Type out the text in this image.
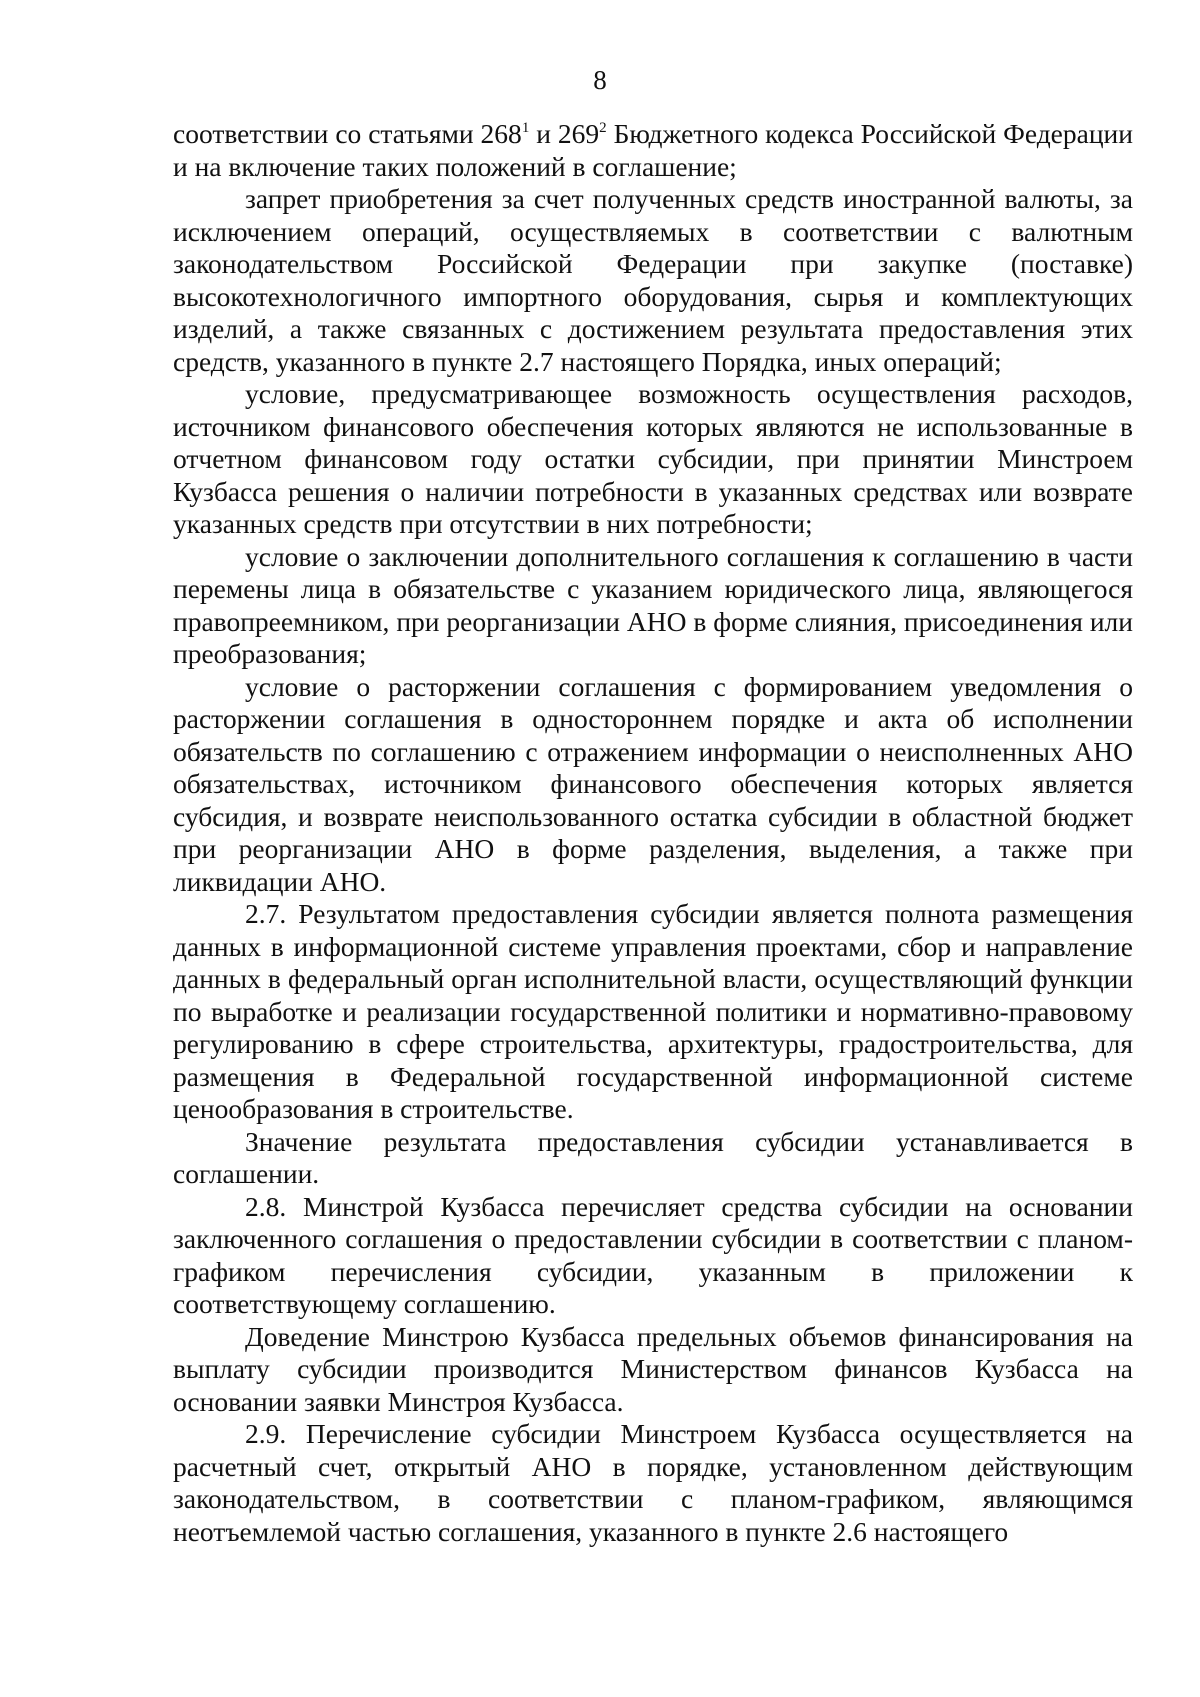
8

соответствии со статьями $268^1$ и $269^2$ Бюджетного кодекса Российской Федерации и на включение таких положений в соглашение;

запрет приобретения за счет полученных средств иностранной валюты, за исключением операций, осуществляемых в соответствии с валютным законодательством Российской Федерации при закупке (поставке) высокотехнологичного импортного оборудования, сырья и комплектующих изделий, а также связанных с достижением результата предоставления этих средств, указанного в пункте 2.7 настоящего Порядка, иных операций;

условие, предусматривающее возможность осуществления расходов, источником финансового обеспечения которых являются не использованные в отчетном финансовом году остатки субсидии, при принятии Минстроем Кузбасса решения о наличии потребности в указанных средствах или возврате указанных средств при отсутствии в них потребности;

условие о заключении дополнительного соглашения к соглашению в части перемены лица в обязательстве с указанием юридического лица, являющегося правопреемником, при реорганизации АНО в форме слияния, присоединения или преобразования;

условие о расторжении соглашения с формированием уведомления о расторжении соглашения в одностороннем порядке и акта об исполнении обязательств по соглашению с отражением информации о неисполненных АНО обязательствах, источником финансового обеспечения которых является субсидия, и возврате неиспользованного остатка субсидии в областной бюджет при реорганизации АНО в форме разделения, выделения, а также при ликвидации АНО.

2.7. Результатом предоставления субсидии является полнота размещения данных в информационной системе управления проектами, сбор и направление данных в федеральный орган исполнительной власти, осуществляющий функции по выработке и реализации государственной политики и нормативно-правовому регулированию в сфере строительства, архитектуры, градостроительства, для размещения в Федеральной государственной информационной системе ценообразования в строительстве.

Значение результата предоставления субсидии устанавливается в соглашении.

2.8. Минстрой Кузбасса перечисляет средства субсидии на основании заключенного соглашения о предоставлении субсидии в соответствии с планом-графиком перечисления субсидии, указанным в приложении к соответствующему соглашению.

Доведение Минстрою Кузбасса предельных объемов финансирования на выплату субсидии производится Министерством финансов Кузбасса на основании заявки Минстроя Кузбасса.

2.9. Перечисление субсидии Минстроем Кузбасса осуществляется на расчетный счет, открытый АНО в порядке, установленном действующим законодательством, в соответствии с планом-графиком, являющимся неотъемлемой частью соглашения, указанного в пункте 2.6 настоящего
